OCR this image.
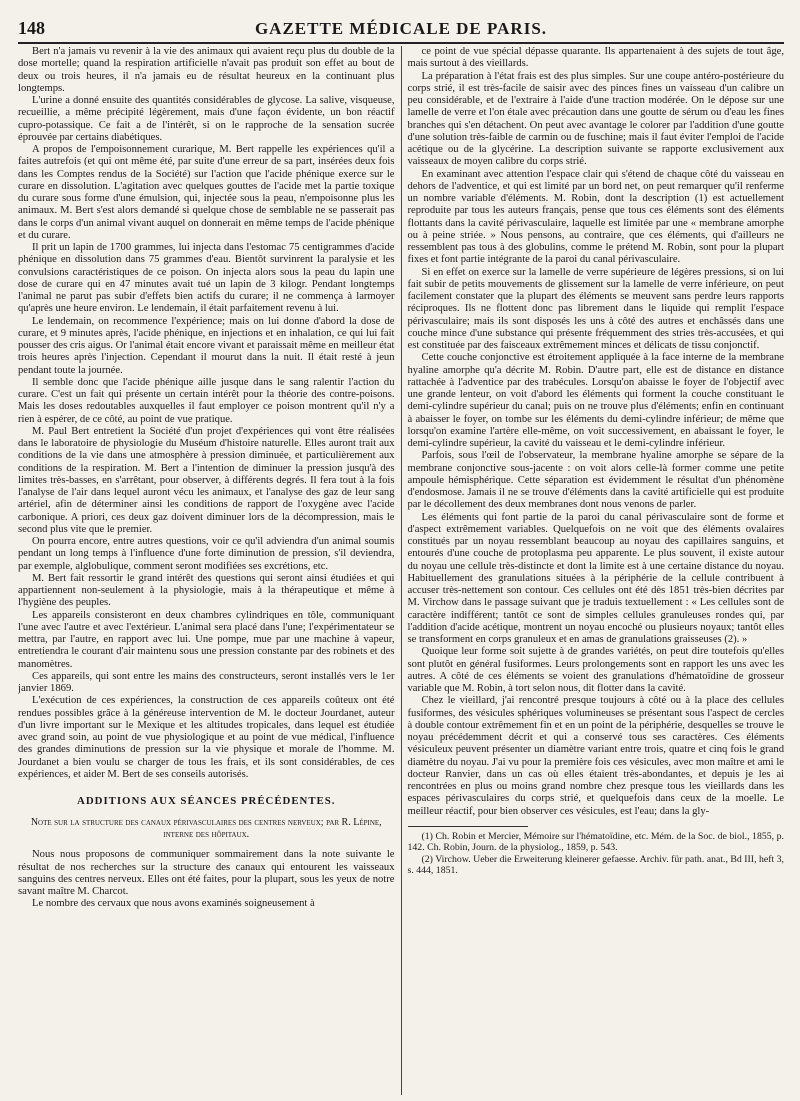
148	GAZETTE MÉDICALE DE PARIS.

Bert n'a jamais vu revenir à la vie des animaux qui avaient reçu plus du double de la dose mortelle; quand la respiration artificielle n'avait pas produit son effet au bout de deux ou trois heures, il n'a jamais eu de résultat heureux en la continuant plus longtemps.

L'urine a donné ensuite des quantités considérables de glycose. La salive, visqueuse, recueillie, a même précipité légèrement, mais d'une façon évidente, un bon réactif cupro-potassique. Ce fait a de l'intérêt, si on le rapproche de la sensation sucrée éprouvée par certains diabétiques.

A propos de l'empoisonnement curarique, M. Bert rappelle les expériences qu'il a faites autrefois (et qui ont même été, par suite d'une erreur de sa part, insérées deux fois dans les Comptes rendus de la Société) sur l'action que l'acide phénique exerce sur le curare en dissolution. L'agitation avec quelques gouttes de l'acide met la partie toxique du curare sous forme d'une émulsion, qui, injectée sous la peau, n'empoisonne plus les animaux. M. Bert s'est alors demandé si quelque chose de semblable ne se passerait pas dans le corps d'un animal vivant auquel on donnerait en même temps de l'acide phénique et du curare.

Il prit un lapin de 1700 grammes, lui injecta dans l'estomac 75 centigrammes d'acide phénique en dissolution dans 75 grammes d'eau. Bientôt survinrent la paralysie et les convulsions caractéristiques de ce poison. On injecta alors sous la peau du lapin une dose de curare qui en 47 minutes avait tué un lapin de 3 kilogr. Pendant longtemps l'animal ne parut pas subir d'effets bien actifs du curare; il ne commença à larmoyer qu'après une heure environ. Le lendemain, il était parfaitement revenu à lui.

Le lendemain, on recommence l'expérience; mais on lui donne d'abord la dose de curare, et 9 minutes après, l'acide phénique, en injections et en inhalation, ce qui lui fait pousser des cris aigus. Or l'animal était encore vivant et paraissait même en meilleur état trois heures après l'injection. Cependant il mourut dans la nuit. Il était resté à jeun pendant toute la journée.

Il semble donc que l'acide phénique aille jusque dans le sang ralentir l'action du curare. C'est un fait qui présente un certain intérêt pour la théorie des contre-poisons. Mais les doses redoutables auxquelles il faut employer ce poison montrent qu'il n'y a rien à espérer, de ce côté, au point de vue pratique.

M. Paul Bert entretient la Société d'un projet d'expériences qui vont être réalisées dans le laboratoire de physiologie du Muséum d'histoire naturelle. Elles auront trait aux conditions de la vie dans une atmosphère à pression diminuée, et particulièrement aux conditions de la respiration. M. Bert a l'intention de diminuer la pression jusqu'à des limites très-basses, en s'arrêtant, pour observer, à différents degrés. Il fera tout à la fois l'analyse de l'air dans lequel auront vécu les animaux, et l'analyse des gaz de leur sang artériel, afin de déterminer ainsi les conditions de rapport de l'oxygène avec l'acide carbonique. A priori, ces deux gaz doivent diminuer lors de la décompression, mais le second plus vite que le premier.

On pourra encore, entre autres questions, voir ce qu'il adviendra d'un animal soumis pendant un long temps à l'influence d'une forte diminution de pression, s'il deviendra, par exemple, alglobulique, comment seront modifiées ses excrétions, etc.

M. Bert fait ressortir le grand intérêt des questions qui seront ainsi étudiées et qui appartiennent non-seulement à la physiologie, mais à la thérapeutique et même à l'hygiène des peuples.

Les appareils consisteront en deux chambres cylindriques en tôle, communiquant l'une avec l'autre et avec l'extérieur. L'animal sera placé dans l'une; l'expérimentateur se mettra, par l'autre, en rapport avec lui. Une pompe, mue par une machine à vapeur, entretiendra le courant d'air maintenu sous une pression constante par des robinets et des manomètres.

Ces appareils, qui sont entre les mains des constructeurs, seront installés vers le 1er janvier 1869.

L'exécution de ces expériences, la construction de ces appareils coûteux ont été rendues possibles grâce à la généreuse intervention de M. le docteur Jourdanet, auteur d'un livre important sur le Mexique et les altitudes tropicales, dans lequel est étudiée avec grand soin, au point de vue physiologique et au point de vue médical, l'influence des grandes diminutions de pression sur la vie physique et morale de l'homme. M. Jourdanet a bien voulu se charger de tous les frais, et ils sont considérables, de ces expériences, et aider M. Bert de ses conseils autorisés.

ADDITIONS AUX SÉANCES PRÉCÉDENTES.
Note sur la structure des canaux périvasculaires des centres nerveux; par R. Lépine, interne des hôpitaux.

Nous nous proposons de communiquer sommairement dans la note suivante le résultat de nos recherches sur la structure des canaux qui entourent les vaisseaux sanguins des centres nerveux. Elles ont été faites, pour la plupart, sous les yeux de notre savant maître M. Charcot.

Le nombre des cervaux que nous avons examinés soigneusement à

ce point de vue spécial dépasse quarante. Ils appartenaient à des sujets de tout âge, mais surtout à des vieillards.

La préparation à l'état frais est des plus simples. Sur une coupe antéro-postérieure du corps strié, il est très-facile de saisir avec des pinces fines un vaisseau d'un calibre un peu considérable, et de l'extraire à l'aide d'une traction modérée. On le dépose sur une lamelle de verre et l'on étale avec précaution dans une goutte de sérum ou d'eau les fines branches qui s'en détachent. On peut avec avantage le colorer par l'addition d'une goutte d'une solution très-faible de carmin ou de fuschine; mais il faut éviter l'emploi de l'acide acétique ou de la glycérine. La description suivante se rapporte exclusivement aux vaisseaux de moyen calibre du corps strié.

En examinant avec attention l'espace clair qui s'étend de chaque côté du vaisseau en dehors de l'adventice, et qui est limité par un bord net, on peut remarquer qu'il renferme un nombre variable d'éléments. M. Robin, dont la description (1) est actuellement reproduite par tous les auteurs français, pense que tous ces éléments sont des éléments flottants dans la cavité périvasculaire, laquelle est limitée par une « membrane amorphe ou à peine striée. » Nous pensons, au contraire, que ces éléments, qui d'ailleurs ne ressemblent pas tous à des globulins, comme le prétend M. Robin, sont pour la plupart fixes et font partie intégrante de la paroi du canal périvasculaire.

Si en effet on exerce sur la lamelle de verre supérieure de légères pressions, si on lui fait subir de petits mouvements de glissement sur la lamelle de verre inférieure, on peut facilement constater que la plupart des éléments se meuvent sans perdre leurs rapports réciproques. Ils ne flottent donc pas librement dans le liquide qui remplit l'espace périvasculaire; mais ils sont disposés les uns à côté des autres et enchâssés dans une couche mince d'une substance qui présente fréquemment des stries très-accusées, et qui est constituée par des faisceaux extrêmement minces et délicats de tissu conjonctif.

Cette couche conjonctive est étroitement appliquée à la face interne de la membrane hyaline amorphe qu'a décrite M. Robin. D'autre part, elle est de distance en distance rattachée à l'adventice par des trabécules. Lorsqu'on abaisse le foyer de l'objectif avec une grande lenteur, on voit d'abord les éléments qui forment la couche constituant le demi-cylindre supérieur du canal; puis on ne trouve plus d'éléments; enfin en continuant à abaisser le foyer, on tombe sur les éléments du demi-cylindre inférieur; de même que lorsqu'on examine l'artère elle-même, on voit successivement, en abaissant le foyer, le demi-cylindre supérieur, la cavité du vaisseau et le demi-cylindre inférieur.

Parfois, sous l'œil de l'observateur, la membrane hyaline amorphe se sépare de la membrane conjonctive sous-jacente : on voit alors celle-là former comme une petite ampoule hémisphérique. Cette séparation est évidemment le résultat d'un phénomène d'endosmose. Jamais il ne se trouve d'éléments dans la cavité artificielle qui est produite par le décollement des deux membranes dont nous venons de parler.

Les éléments qui font partie de la paroi du canal périvasculaire sont de forme et d'aspect extrêmement variables. Quelquefois on ne voit que des éléments ovalaires constitués par un noyau ressemblant beaucoup au noyau des capillaires sanguins, et entourés d'une couche de protoplasma peu apparente. Le plus souvent, il existe autour du noyau une cellule très-distincte et dont la limite est à une certaine distance du noyau. Habituellement des granulations situées à la périphérie de la cellule contribuent à accuser très-nettement son contour. Ces cellules ont été dès 1851 très-bien décrites par M. Virchow dans le passage suivant que je traduis textuellement : « Les cellules sont de caractère indifférent; tantôt ce sont de simples cellules granuleuses rondes qui, par l'addition d'acide acétique, montrent un noyau encoché ou plusieurs noyaux; tantôt elles se transforment en corps granuleux et en amas de granulations graisseuses (2). »

Quoique leur forme soit sujette à de grandes variétés, on peut dire toutefois qu'elles sont plutôt en général fusiformes. Leurs prolongements sont en rapport les uns avec les autres. A côté de ces éléments se voient des granulations d'hématoïdine de grosseur variable que M. Robin, à tort selon nous, dit flotter dans la cavité.

Chez le vieillard, j'ai rencontré presque toujours à côté ou à la place des cellules fusiformes, des vésicules sphériques volumineuses se présentant sous l'aspect de cercles à double contour extrêmement fin et en un point de la périphérie, desquelles se trouve le noyau précédemment décrit et qui a conservé tous ses caractères. Ces éléments vésiculeux peuvent présenter un diamètre variant entre trois, quatre et cinq fois le grand diamètre du noyau. J'ai vu pour la première fois ces vésicules, avec mon maître et ami le docteur Ranvier, dans un cas où elles étaient très-abondantes, et depuis je les ai rencontrées en plus ou moins grand nombre chez presque tous les vieillards dans les espaces périvasculaires du corps strié, et quelquefois dans ceux de la moelle. Le meilleur réactif, pour bien observer ces vésicules, est l'eau; dans la gly-

(1) Ch. Robin et Mercier, Mémoire sur l'hématoïdine, etc. Mém. de la Soc. de biol., 1855, p. 142. Ch. Robin, Journ. de la physiolog., 1859, p. 543.

(2) Virchow. Ueber die Erweiterung kleinerer gefaesse. Archiv. für path. anat., Bd III, heft 3, s. 444, 1851.
